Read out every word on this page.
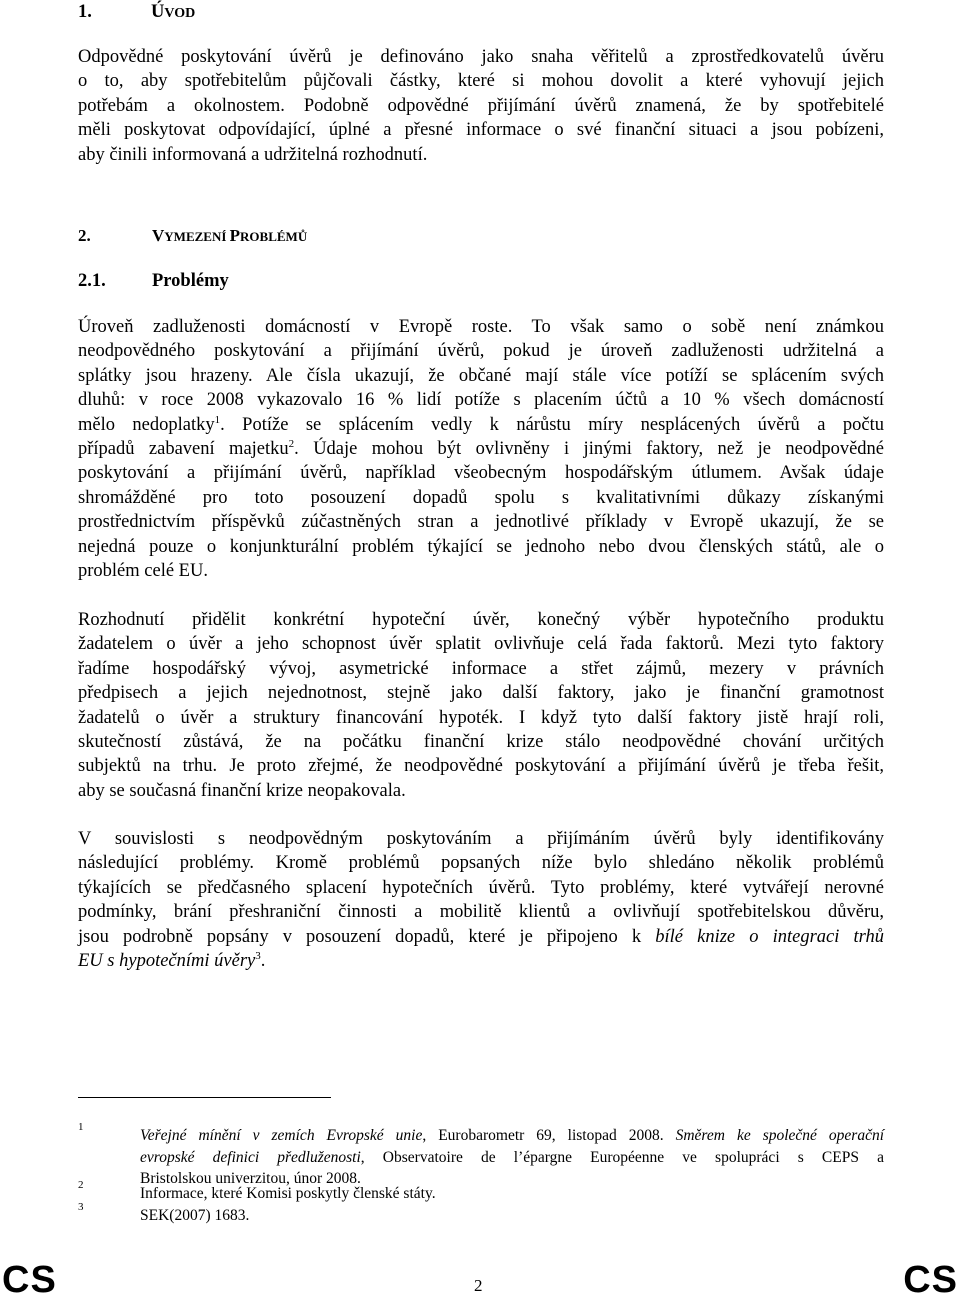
1.	ÚVOD

Odpovědné poskytování úvěrů je definováno jako snaha věřitelů a zprostředkovatelů úvěru
o to, aby spotřebitelům půjčovali částky, které si mohou dovolit a které vyhovují jejich
potřebám a okolnostem. Podobně odpovědné přijímání úvěrů znamená, že by spotřebitelé
měli poskytovat odpovídající, úplné a přesné informace o své finanční situaci a jsou pobízeni,
aby činili informovaná a udržitelná rozhodnutí.

2.	VYMEZENÍ PROBLÉMŮ
2.1.	Problémy

Úroveň zadluženosti domácností v Evropě roste. To však samo o sobě není známkou
neodpovědného poskytování a přijímání úvěrů, pokud je úroveň zadluženosti udržitelná a
splátky jsou hrazeny. Ale čísla ukazují, že občané mají stále více potíží se splácením svých
dluhů: v roce 2008 vykazovalo 16 % lidí potíže s placením účtů a 10 % všech domácností
mělo nedoplatky$^1$. Potíže se splácením vedly k nárůstu míry nesplácených úvěrů a počtu
případů zabavení majetku$^2$. Údaje mohou být ovlivněny i jinými faktory, než je neodpovědné
poskytování a přijímání úvěrů, například všeobecným hospodářským útlumem. Avšak údaje
shromážděné pro toto posouzení dopadů spolu s kvalitativními důkazy získanými
prostřednictvím příspěvků zúčastněných stran a jednotlivé příklady v Evropě ukazují, že se
nejedná pouze o konjunkturální problém týkající se jednoho nebo dvou členských států, ale o
problém celé EU.

Rozhodnutí přidělit konkrétní hypoteční úvěr, konečný výběr hypotečního produktu
žadatelem o úvěr a jeho schopnost úvěr splatit ovlivňuje celá řada faktorů. Mezi tyto faktory
řadíme hospodářský vývoj, asymetrické informace a střet zájmů, mezery v právních
předpisech a jejich nejednotnost, stejně jako další faktory, jako je finanční gramotnost
žadatelů o úvěr a struktury financování hypoték. I když tyto další faktory jistě hrají roli,
skutečností zůstává, že na počátku finanční krize stálo neodpovědné chování určitých
subjektů na trhu. Je proto zřejmé, že neodpovědné poskytování a přijímání úvěrů je třeba řešit,
aby se současná finanční krize neopakovala.

V souvislosti s neodpovědným poskytováním a přijímáním úvěrů byly identifikovány
následující problémy. Kromě problémů popsaných níže bylo shledáno několik problémů
týkajících se předčasného splacení hypotečních úvěrů. Tyto problémy, které vytvářejí nerovné
podmínky, brání přeshraniční činnosti a mobilitě klientů a ovlivňují spotřebitelskou důvěru,
jsou podrobně popsány v posouzení dopadů, které je připojeno k bílé knize o integraci trhů
EU s hypotečními úvěry$^3$.

1	Veřejné mínění v zemích Evropské unie, Eurobarometr 69, listopad 2008. Směrem ke společné operační
evropské definici předluženosti, Observatoire de l’épargne Européenne ve spolupráci s CEPS a
Bristolskou univerzitou, únor 2008.
2	Informace, které Komisi poskytly členské státy.
3	SEK(2007) 1683.
CS	2	CS
